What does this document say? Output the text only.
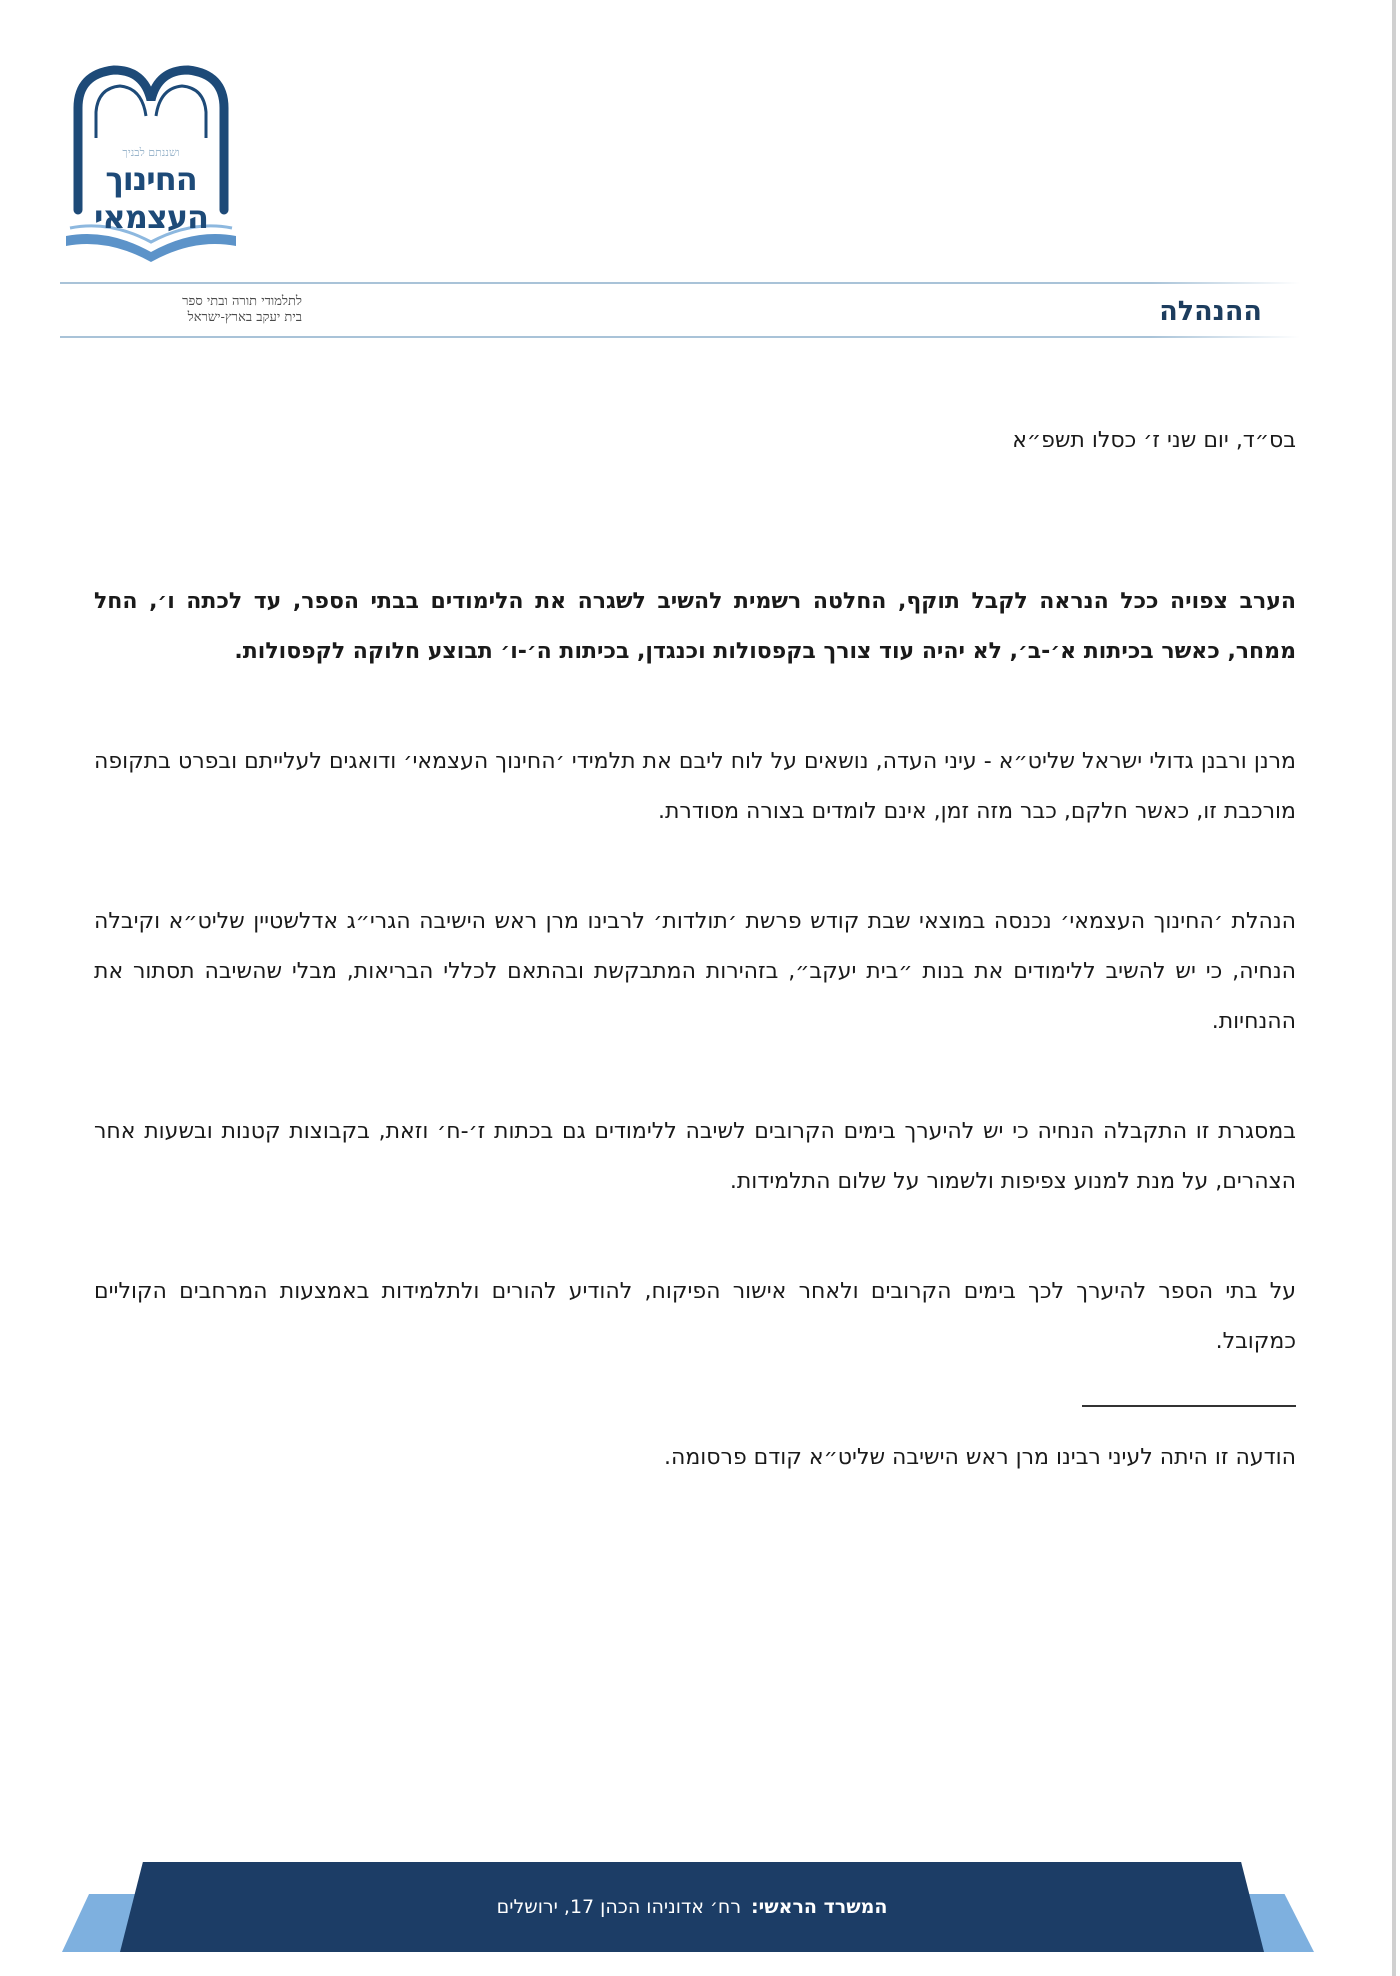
ושננתם לבניך
החינוך
העצמאי
לתלמודי תורה ובתי ספר
בית יעקב בארץ-ישראל	ההנהלה

בס״ד, יום שני ז׳ כסלו תשפ״א

הערב צפויה ככל הנראה לקבל תוקף, החלטה רשמית להשיב לשגרה את הלימודים בבתי הספר, עד לכתה ו׳, החל ממחר, כאשר בכיתות א׳-ב׳, לא יהיה עוד צורך בקפסולות וכנגדן, בכיתות ה׳-ו׳ תבוצע חלוקה לקפסולות.

מרנן ורבנן גדולי ישראל שליט״א - עיני העדה, נושאים על לוח ליבם את תלמידי ׳החינוך העצמאי׳ ודואגים לעלייתם ובפרט בתקופה מורכבת זו, כאשר חלקם, כבר מזה זמן, אינם לומדים בצורה מסודרת.

הנהלת ׳החינוך העצמאי׳ נכנסה במוצאי שבת קודש פרשת ׳תולדות׳ לרבינו מרן ראש הישיבה הגרי״ג אדלשטיין שליט״א וקיבלה הנחיה, כי יש להשיב ללימודים את בנות ״בית יעקב״, בזהירות המתבקשת ובהתאם לכללי הבריאות, מבלי שהשיבה תסתור את ההנחיות.

במסגרת זו התקבלה הנחיה כי יש להיערך בימים הקרובים לשיבה ללימודים גם בכתות ז׳-ח׳ וזאת, בקבוצות קטנות ובשעות אחר הצהרים, על מנת למנוע צפיפות ולשמור על שלום התלמידות.

על בתי הספר להיערך לכך בימים הקרובים ולאחר אישור הפיקוח, להודיע להורים ולתלמידות באמצעות המרחבים הקוליים כמקובל.

הודעה זו היתה לעיני רבינו מרן ראש הישיבה שליט״א קודם פרסומה.

המשרד הראשי:
רח׳ אדוניהו הכהן 17, ירושלים
